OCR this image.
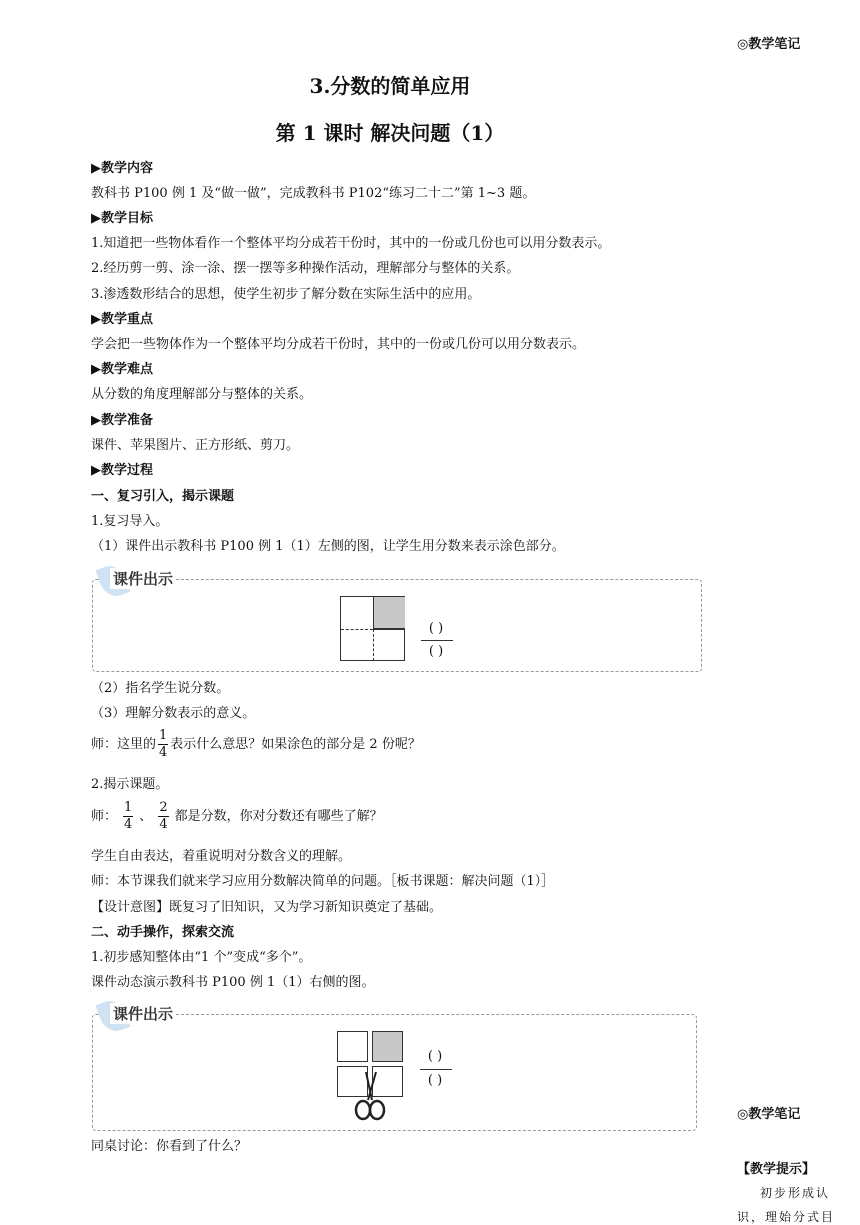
◎教学笔记
3.分数的简单应用
第 1 课时 解决问题（1）
▶教学内容
教科书 P100 例 1 及“做一做”，完成教科书 P102“练习二十二”第 1~3 题。
▶教学目标
1.知道把一些物体看作一个整体平均分成若干份时，其中的一份或几份也可以用分数表示。
2.经历剪一剪、涂一涂、摆一摆等多种操作活动，理解部分与整体的关系。
3.渗透数形结合的思想，使学生初步了解分数在实际生活中的应用。
▶教学重点
学会把一些物体作为一个整体平均分成若干份时，其中的一份或几份可以用分数表示。
▶教学难点
从分数的角度理解部分与整体的关系。
▶教学准备
课件、苹果图片、正方形纸、剪刀。
▶教学过程
一、复习引入，揭示课题
1.复习导入。
（1）课件出示教科书 P100 例 1（1）左侧的图，让学生用分数来表示涂色部分。
课件出示
( )
( )
（2）指名学生说分数。
（3）理解分数表示的意义。
师：这里的 $\frac{1}{4}$ 表示什么意思？如果涂色的部分是 2 份呢？
2.揭示课题。
师： $\frac{1}{4}$ 、 $\frac{2}{4}$ 都是分数，你对分数还有哪些了解？
学生自由表达，着重说明对分数含义的理解。
师：本节课我们就来学习应用分数解决简单的问题。［板书课题：解决问题（1）］
【设计意图】既复习了旧知识，又为学习新知识奠定了基础。
二、动手操作，探索交流
1.初步感知整体由“1 个”变成“多个”。
课件动态演示教科书 P100 例 1（1）右侧的图。
课件出示
( )
( )
◎教学笔记
同桌讨论：你看到了什么？
【教学提示】
初步形成认
识，理始分式目
